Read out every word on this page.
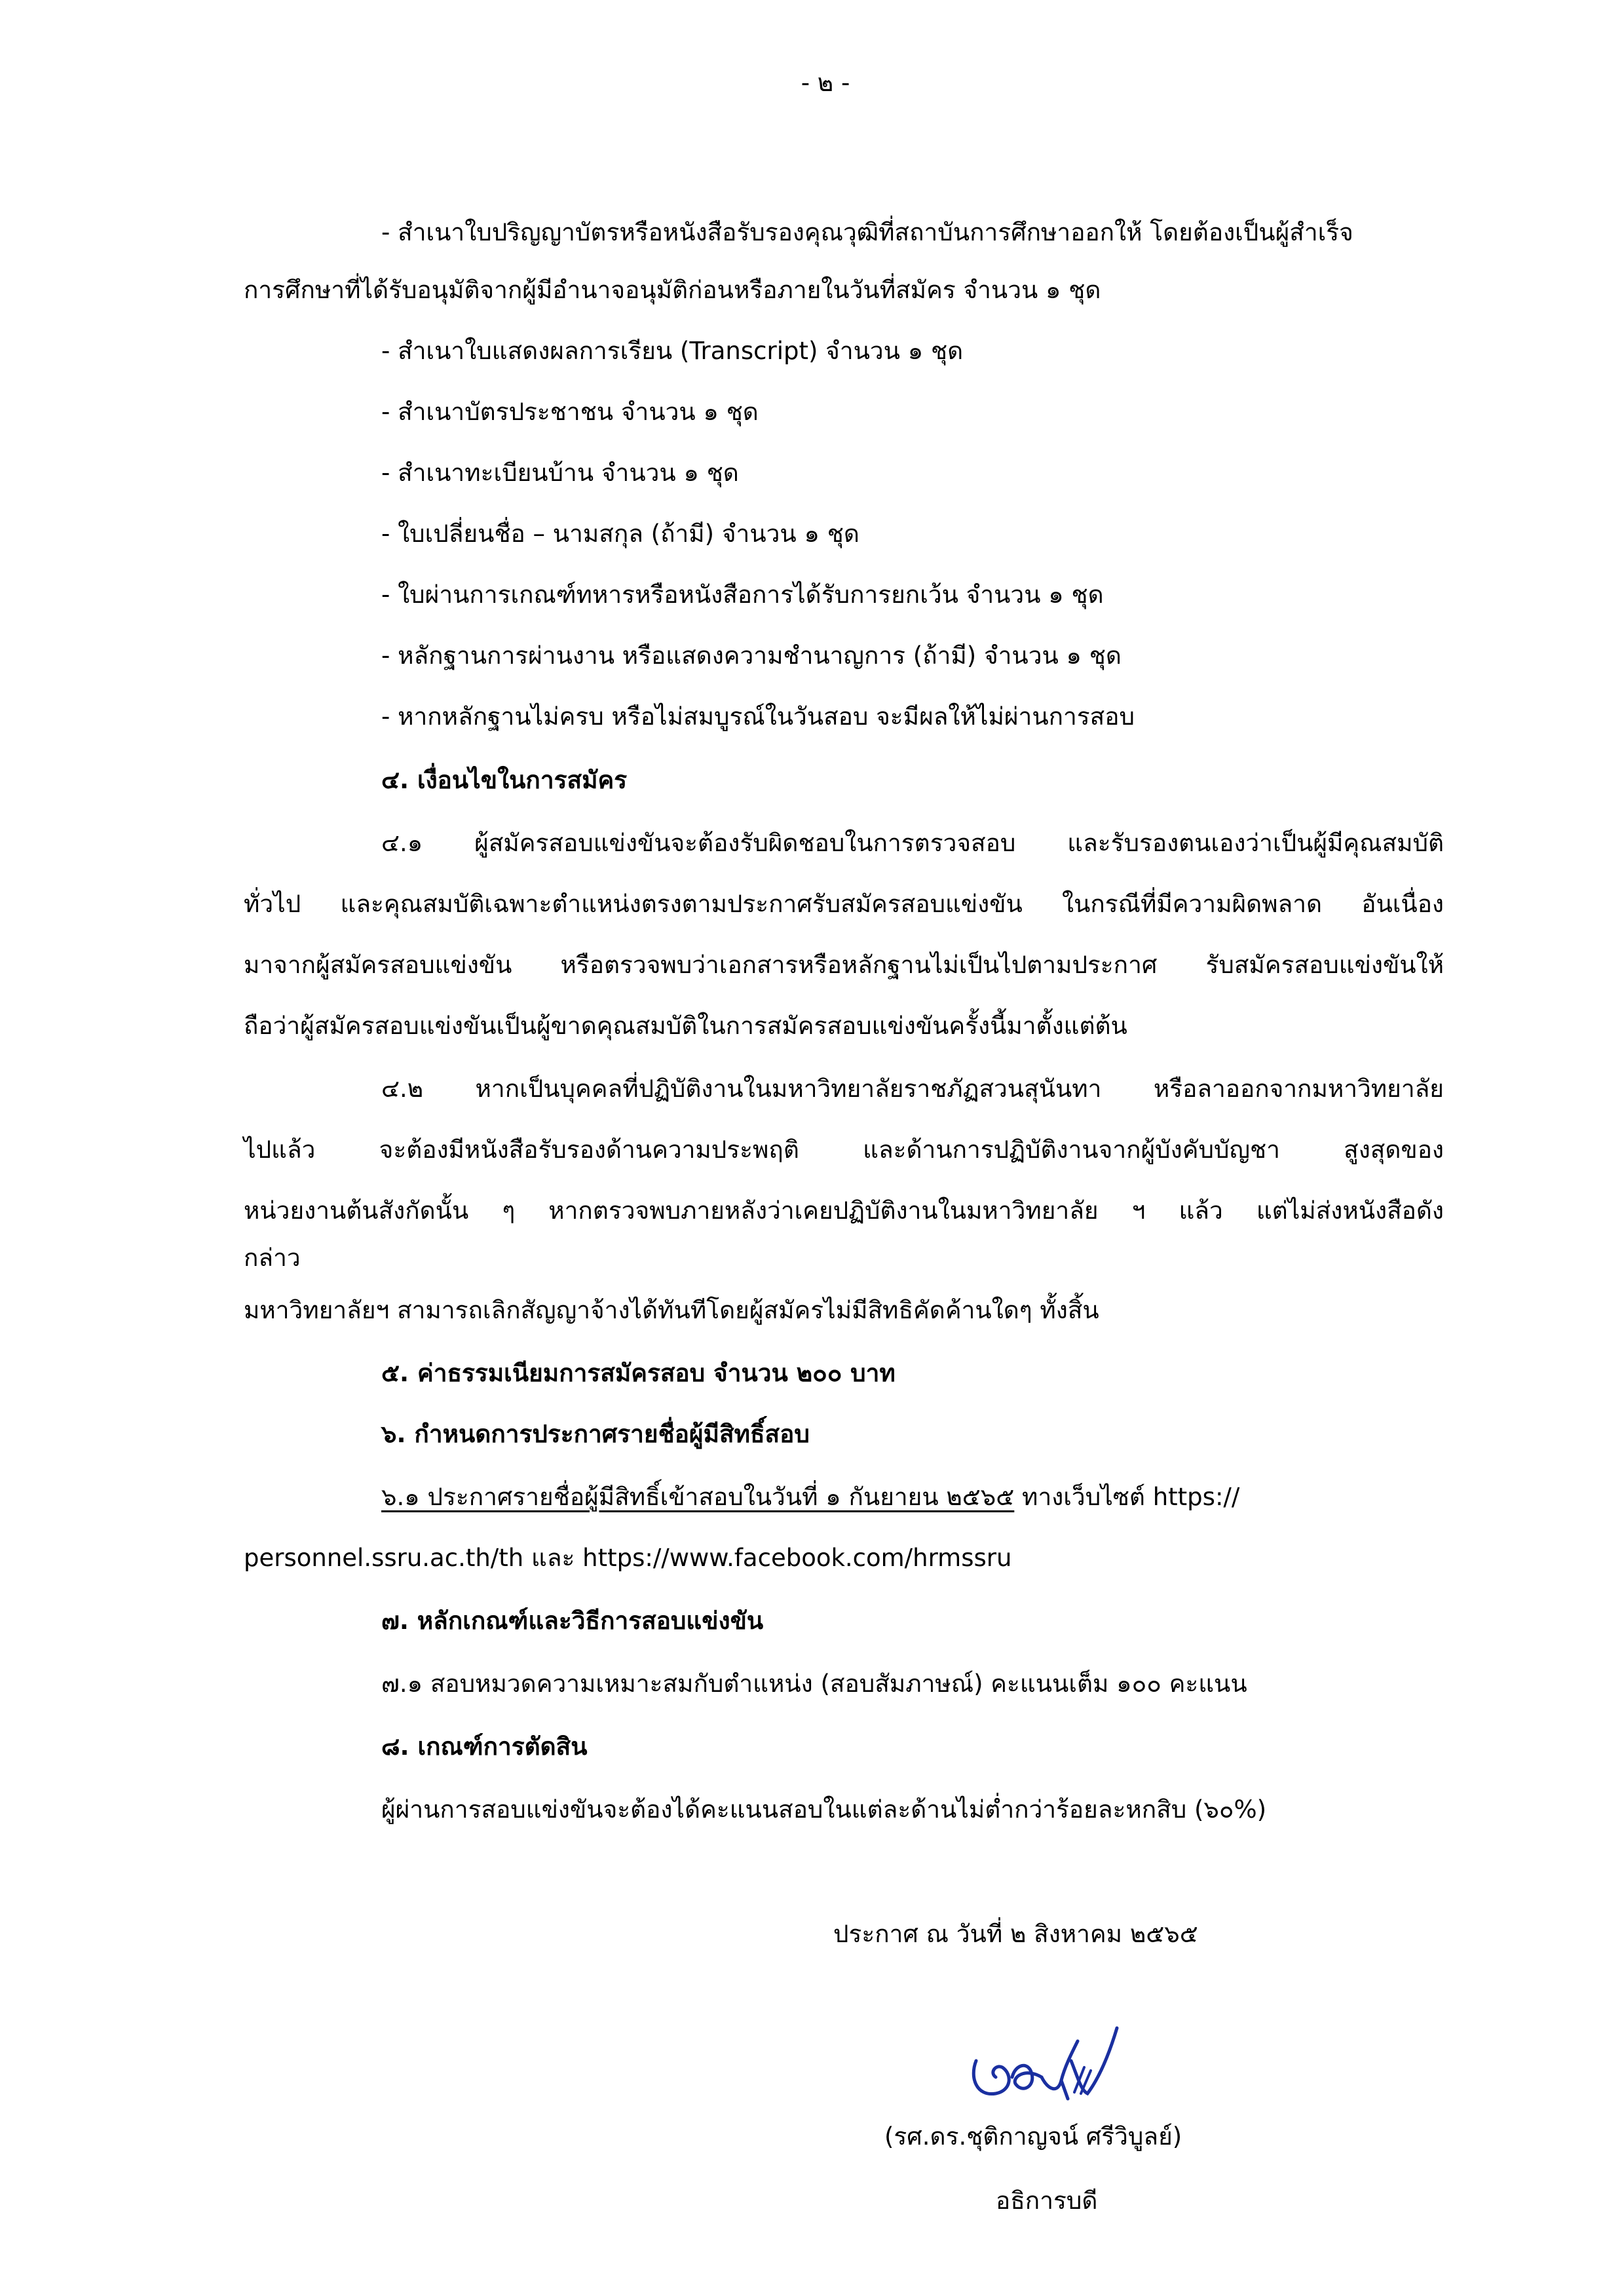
- ๒ -
- สำเนาใบปริญญาบัตรหรือหนังสือรับรองคุณวุฒิที่สถาบันการศึกษาออกให้ โดยต้องเป็นผู้สำเร็จ
การศึกษาที่ได้รับอนุมัติจากผู้มีอำนาจอนุมัติก่อนหรือภายในวันที่สมัคร จำนวน ๑ ชุด
- สำเนาใบแสดงผลการเรียน (Transcript) จำนวน ๑ ชุด
- สำเนาบัตรประชาชน จำนวน ๑ ชุด
- สำเนาทะเบียนบ้าน จำนวน ๑ ชุด
- ใบเปลี่ยนชื่อ – นามสกุล (ถ้ามี) จำนวน ๑ ชุด
- ใบผ่านการเกณฑ์ทหารหรือหนังสือการได้รับการยกเว้น จำนวน ๑ ชุด
- หลักฐานการผ่านงาน หรือแสดงความชำนาญการ (ถ้ามี) จำนวน ๑ ชุด
- หากหลักฐานไม่ครบ หรือไม่สมบูรณ์ในวันสอบ จะมีผลให้ไม่ผ่านการสอบ
๔. เงื่อนไขในการสมัคร
๔.๑ ผู้สมัครสอบแข่งขันจะต้องรับผิดชอบในการตรวจสอบ และรับรองตนเองว่าเป็นผู้มีคุณสมบัติ
ทั่วไป และคุณสมบัติเฉพาะตำแหน่งตรงตามประกาศรับสมัครสอบแข่งขัน ในกรณีที่มีความผิดพลาด อันเนื่อง
มาจากผู้สมัครสอบแข่งขัน หรือตรวจพบว่าเอกสารหรือหลักฐานไม่เป็นไปตามประกาศ รับสมัครสอบแข่งขันให้
ถือว่าผู้สมัครสอบแข่งขันเป็นผู้ขาดคุณสมบัติในการสมัครสอบแข่งขันครั้งนี้มาตั้งแต่ต้น
๔.๒ หากเป็นบุคคลที่ปฏิบัติงานในมหาวิทยาลัยราชภัฏสวนสุนันทา หรือลาออกจากมหาวิทยาลัย
ไปแล้ว จะต้องมีหนังสือรับรองด้านความประพฤติ และด้านการปฏิบัติงานจากผู้บังคับบัญชา สูงสุดของ
หน่วยงานต้นสังกัดนั้น ๆ หากตรวจพบภายหลังว่าเคยปฏิบัติงานในมหาวิทยาลัย ฯ แล้ว แต่ไม่ส่งหนังสือดัง
กล่าว
มหาวิทยาลัยฯ สามารถเลิกสัญญาจ้างได้ทันทีโดยผู้สมัครไม่มีสิทธิคัดค้านใดๆ ทั้งสิ้น
๕. ค่าธรรมเนียมการสมัครสอบ จำนวน ๒๐๐ บาท
๖. กำหนดการประกาศรายชื่อผู้มีสิทธิ์สอบ
๖.๑ ประกาศรายชื่อผู้มีสิทธิ์เข้าสอบในวันที่ ๑ กันยายน ๒๕๖๕ ทางเว็บไซต์ https://
personnel.ssru.ac.th/th และ https://www.facebook.com/hrmssru
๗. หลักเกณฑ์และวิธีการสอบแข่งขัน
๗.๑ สอบหมวดความเหมาะสมกับตำแหน่ง (สอบสัมภาษณ์) คะแนนเต็ม ๑๐๐ คะแนน
๘. เกณฑ์การตัดสิน
ผู้ผ่านการสอบแข่งขันจะต้องได้คะแนนสอบในแต่ละด้านไม่ต่ำกว่าร้อยละหกสิบ (๖๐%)
ประกาศ ณ วันที่ ๒ สิงหาคม ๒๕๖๕
(รศ.ดร.ชุติกาญจน์ ศรีวิบูลย์)
อธิการบดี
